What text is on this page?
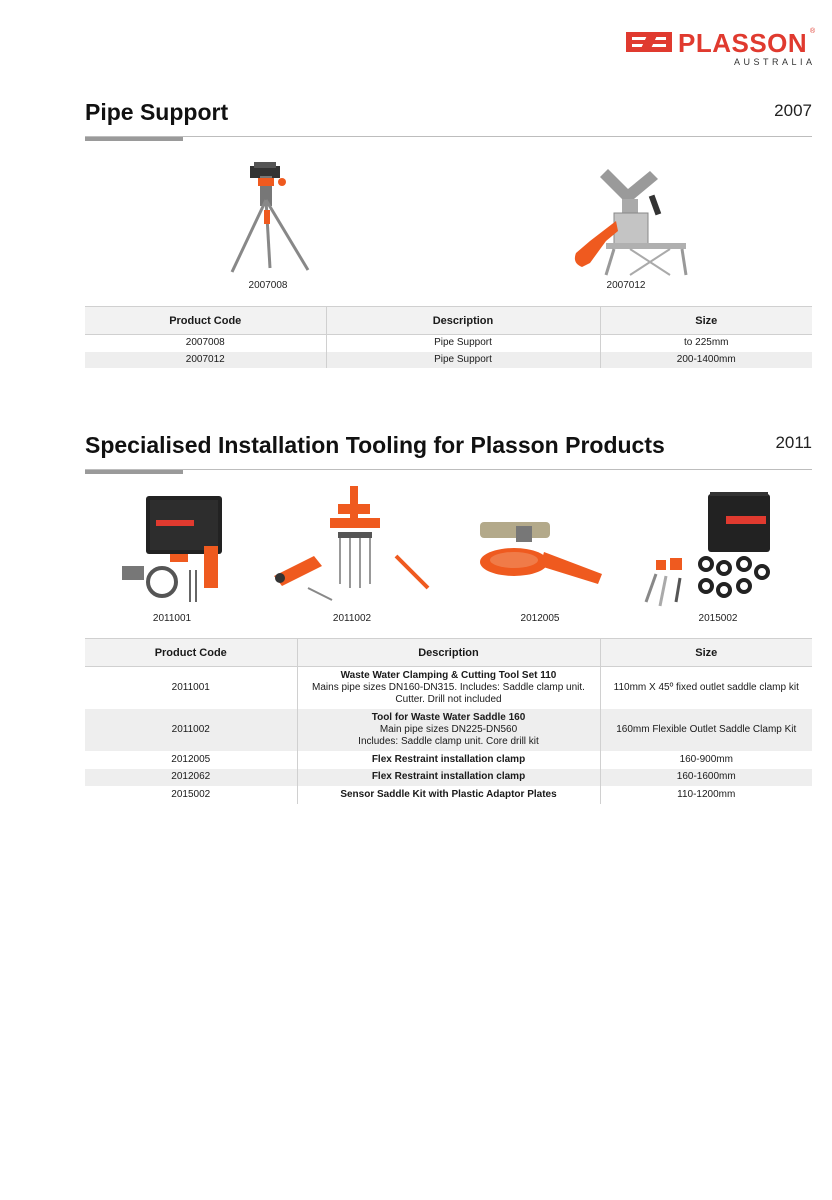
PLASSON ®
AUSTRALIA
Pipe Support	2007
2007008	2007012
Product Code	Description	Size
2007008	Pipe Support	to 225mm
2007012	Pipe Support	200-1400mm
Specialised Installation Tooling for Plasson Products	2011
2011001	2011002	2012005	2015002
Product Code	Description	Size
2011001	Waste Water Clamping & Cutting Tool Set 110
Mains pipe sizes DN160-DN315. Includes: Saddle clamp unit.
Cutter. Drill not included	110mm X 45º fixed outlet saddle clamp kit
2011002	Tool for Waste Water Saddle 160
Main pipe sizes DN225-DN560
Includes: Saddle clamp unit. Core drill kit	160mm Flexible Outlet Saddle Clamp Kit
2012005	Flex Restraint installation clamp	160-900mm
2012062	Flex Restraint installation clamp	160-1600mm
2015002	Sensor Saddle Kit with Plastic Adaptor Plates	110-1200mm
